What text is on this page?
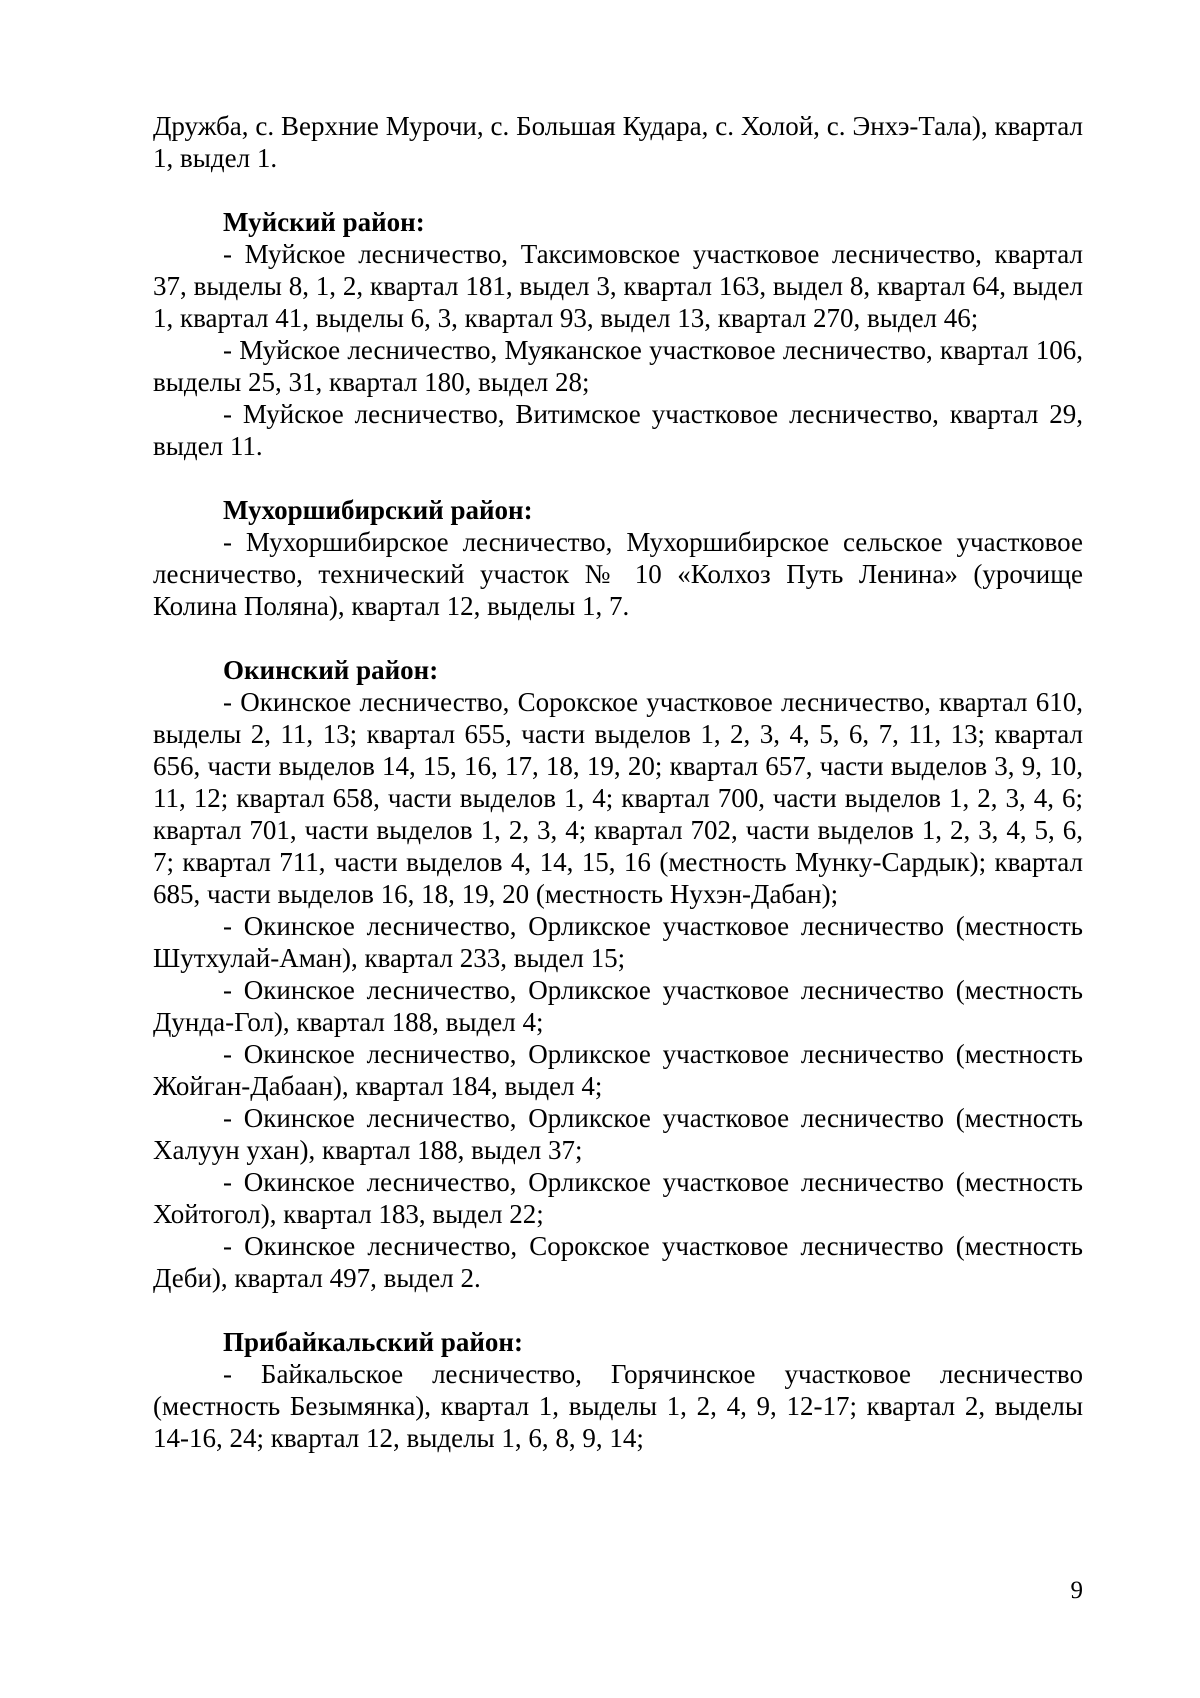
Дружба, с. Верхние Мурочи, с. Большая Кудара, с. Холой, с. Энхэ-Тала), квартал 1, выдел 1.

Муйский район:

- Муйское лесничество, Таксимовское участковое лесничество, квартал 37, выделы 8, 1, 2, квартал 181, выдел 3, квартал 163, выдел 8, квартал 64, выдел 1, квартал 41, выделы 6, 3, квартал 93, выдел 13, квартал 270, выдел 46;

- Муйское лесничество, Муяканское участковое лесничество, квартал 106, выделы 25, 31, квартал 180, выдел 28;

- Муйское лесничество, Витимское участковое лесничество, квартал 29, выдел 11.

Мухоршибирский район:

- Мухоршибирское лесничество, Мухоршибирское сельское участковое лесничество, технический участок № 10 «Колхоз Путь Ленина» (урочище Колина Поляна), квартал 12, выделы 1, 7.

Окинский район:

- Окинское лесничество, Сорокское участковое лесничество, квартал 610, выделы 2, 11, 13; квартал 655, части выделов 1, 2, 3, 4, 5, 6, 7, 11, 13; квартал 656, части выделов 14, 15, 16, 17, 18, 19, 20; квартал 657, части выделов 3, 9, 10, 11, 12; квартал 658, части выделов 1, 4; квартал 700, части выделов 1, 2, 3, 4, 6; квартал 701, части выделов 1, 2, 3, 4; квартал 702, части выделов 1, 2, 3, 4, 5, 6, 7; квартал 711, части выделов 4, 14, 15, 16 (местность Мунку-Сардык); квартал 685, части выделов 16, 18, 19, 20 (местность Нухэн-Дабан);

- Окинское лесничество, Орликское участковое лесничество (местность Шутхулай-Аман), квартал 233, выдел 15;

- Окинское лесничество, Орликское участковое лесничество (местность Дунда-Гол), квартал 188, выдел 4;

- Окинское лесничество, Орликское участковое лесничество (местность Жойган-Дабаан), квартал 184, выдел 4;

- Окинское лесничество, Орликское участковое лесничество (местность Халуун ухан), квартал 188, выдел 37;

- Окинское лесничество, Орликское участковое лесничество (местность Хойтогол), квартал 183, выдел 22;

- Окинское лесничество, Сорокское участковое лесничество (местность Деби), квартал 497, выдел 2.

Прибайкальский район:

- Байкальское лесничество, Горячинское участковое лесничество (местность Безымянка), квартал 1, выделы 1, 2, 4, 9, 12-17; квартал 2, выделы 14-16, 24; квартал 12, выделы 1, 6, 8, 9, 14;

9
